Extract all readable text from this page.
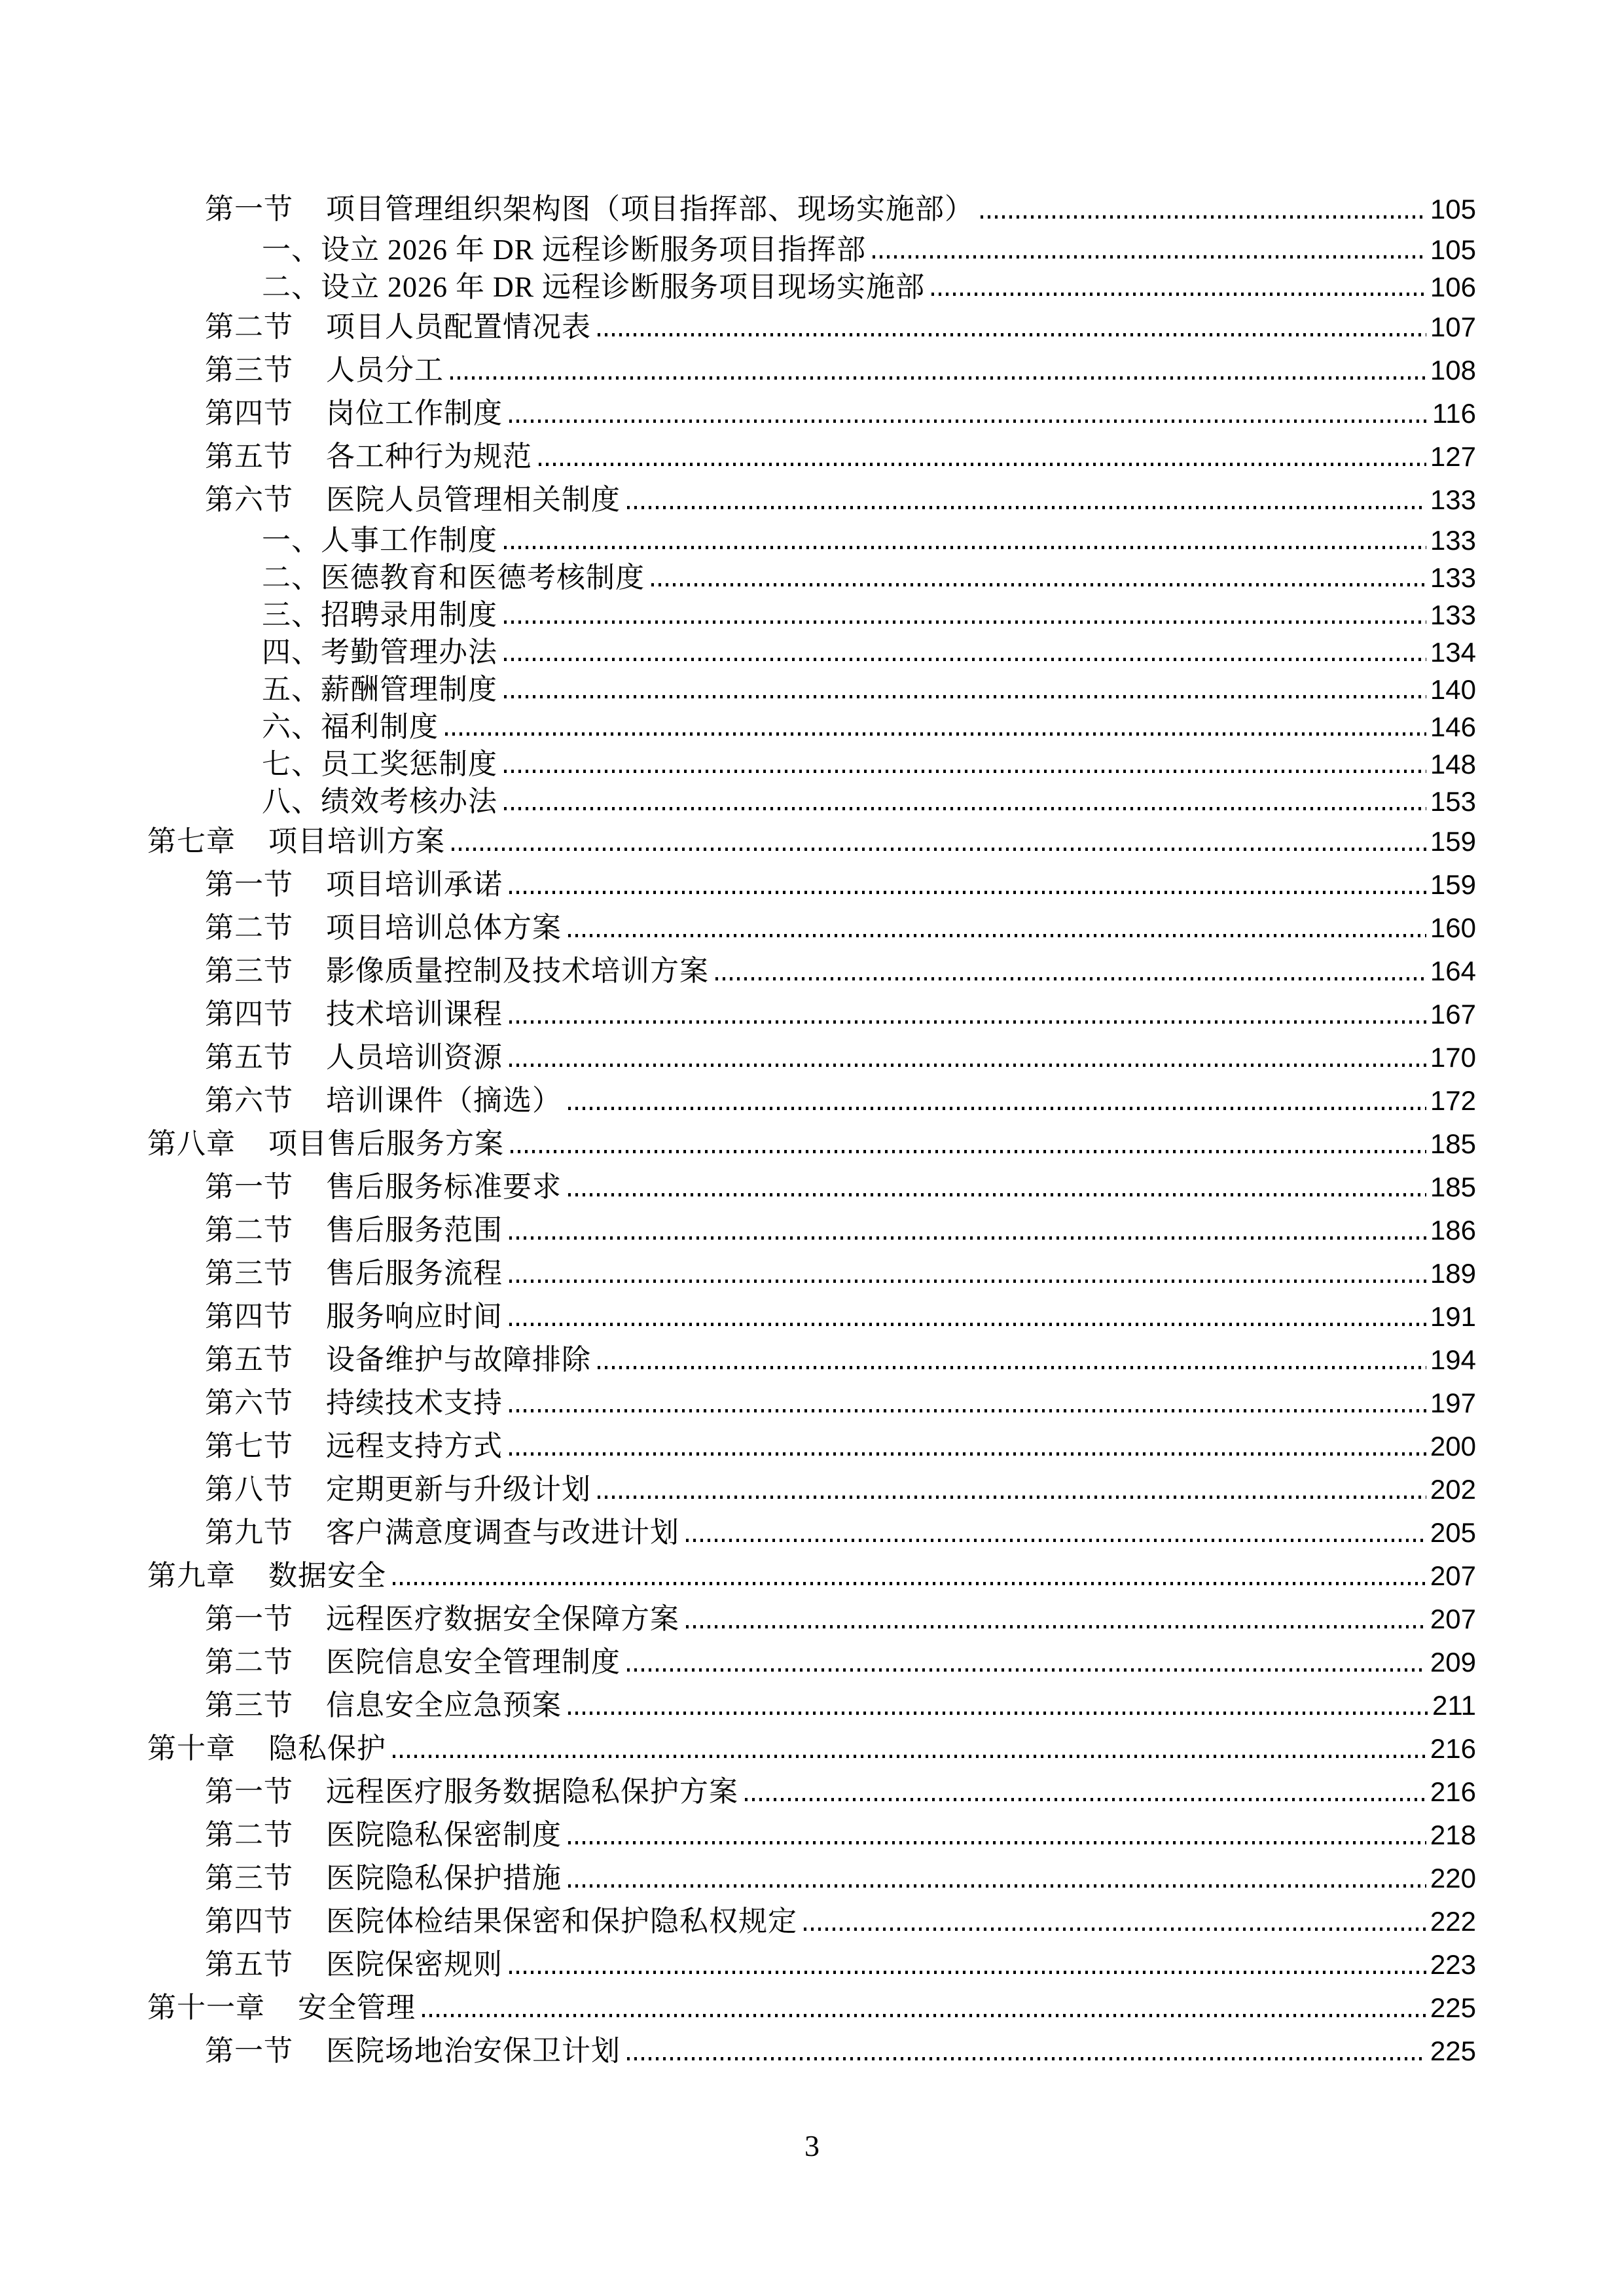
第一节 项目管理组织架构图（项目指挥部、现场实施部）	105
一、 设立 2026 年 DR 远程诊断服务项目指挥部	105
二、 设立 2026 年 DR 远程诊断服务项目现场实施部	106
第二节 项目人员配置情况表	107
第三节 人员分工	108
第四节 岗位工作制度	116
第五节 各工种行为规范	127
第六节 医院人员管理相关制度	133
一、 人事工作制度	133
二、 医德教育和医德考核制度	133
三、 招聘录用制度	133
四、 考勤管理办法	134
五、 薪酬管理制度	140
六、 福利制度	146
七、 员工奖惩制度	148
八、 绩效考核办法	153
第七章 项目培训方案	159
第一节 项目培训承诺	159
第二节 项目培训总体方案	160
第三节 影像质量控制及技术培训方案	164
第四节 技术培训课程	167
第五节 人员培训资源	170
第六节 培训课件（摘选）	172
第八章 项目售后服务方案	185
第一节 售后服务标准要求	185
第二节 售后服务范围	186
第三节 售后服务流程	189
第四节 服务响应时间	191
第五节 设备维护与故障排除	194
第六节 持续技术支持	197
第七节 远程支持方式	200
第八节 定期更新与升级计划	202
第九节 客户满意度调查与改进计划	205
第九章 数据安全	207
第一节 远程医疗数据安全保障方案	207
第二节 医院信息安全管理制度	209
第三节 信息安全应急预案	211
第十章 隐私保护	216
第一节 远程医疗服务数据隐私保护方案	216
第二节 医院隐私保密制度	218
第三节 医院隐私保护措施	220
第四节 医院体检结果保密和保护隐私权规定	222
第五节 医院保密规则	223
第十一章 安全管理	225
第一节 医院场地治安保卫计划	225
3
